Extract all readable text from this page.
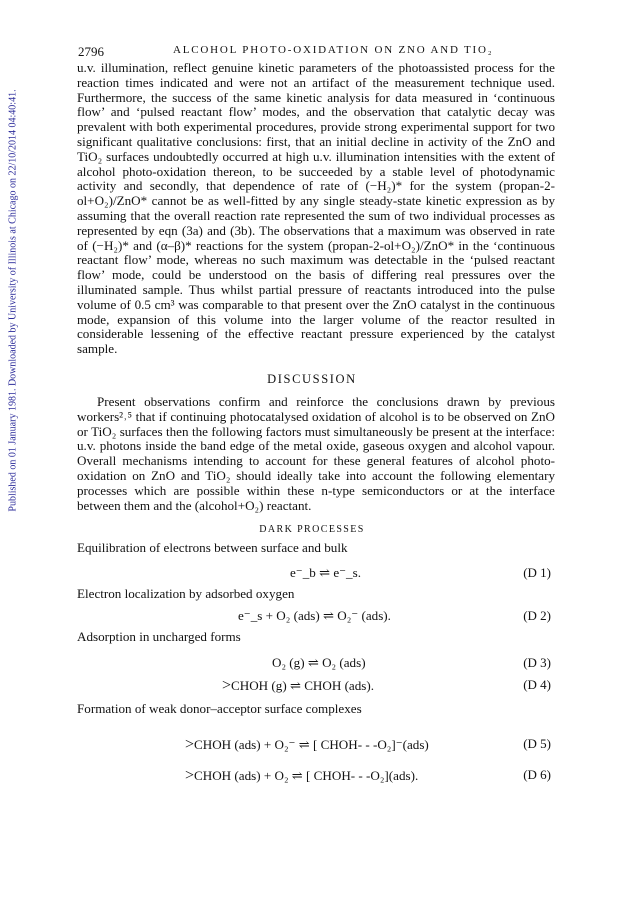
Published on 01 January 1981. Downloaded by University of Illinois at Chicago on 22/10/2014 04:40:41.
2796	ALCOHOL PHOTO-OXIDATION ON ZNO AND TIO₂

u.v. illumination, reflect genuine kinetic parameters of the photoassisted process for the reaction times indicated and were not an artifact of the measurement technique used. Furthermore, the success of the same kinetic analysis for data measured in ‘continuous flow’ and ‘pulsed reactant flow’ modes, and the observation that catalytic decay was prevalent with both experimental procedures, provide strong experimental support for two significant qualitative conclusions: first, that an initial decline in activity of the ZnO and TiO₂ surfaces undoubtedly occurred at high u.v. illumination intensities with the extent of alcohol photo-oxidation thereon, to be succeeded by a stable level of photodynamic activity and secondly, that dependence of rate of (−H₂)* for the system (propan-2-ol+O₂)/ZnO* cannot be as well-fitted by any single steady-state kinetic expression as by assuming that the overall reaction rate represented the sum of two individual processes as represented by eqn (3a) and (3b). The observations that a maximum was observed in rate of (−H₂)* and (α–β)* reactions for the system (propan-2-ol+O₂)/ZnO* in the ‘continuous reactant flow’ mode, whereas no such maximum was detectable in the ‘pulsed reactant flow’ mode, could be understood on the basis of differing real pressures over the illuminated sample. Thus whilst partial pressure of reactants introduced into the pulse volume of 0.5 cm³ was comparable to that present over the ZnO catalyst in the continuous mode, expansion of this volume into the larger volume of the reactor resulted in considerable lessening of the effective reactant pressure experienced by the catalyst sample.

DISCUSSION

Present observations confirm and reinforce the conclusions drawn by previous workers²˒⁵ that if continuing photocatalysed oxidation of alcohol is to be observed on ZnO or TiO₂ surfaces then the following factors must simultaneously be present at the interface: u.v. photons inside the band edge of the metal oxide, gaseous oxygen and alcohol vapour. Overall mechanisms intending to account for these general features of alcohol photo-oxidation on ZnO and TiO₂ should ideally take into account the following elementary processes which are possible within these n-type semiconductors or at the interface between them and the (alcohol+O₂) reactant.

DARK PROCESSES
Equilibration of electrons between surface and bulk
e⁻_b ⇌ e⁻_s.	(D 1)
Electron localization by adsorbed oxygen
e⁻_s + O₂ (ads) ⇌ O₂⁻ (ads).	(D 2)
Adsorption in uncharged forms
O₂ (g) ⇌ O₂ (ads)	(D 3)
>CHOH (g) ⇌ CHOH (ads).	(D 4)
Formation of weak donor–acceptor surface complexes
>CHOH (ads) + O₂⁻ ⇌ [ CHOH- - -O₂]⁻(ads)	(D 5)
>CHOH (ads) + O₂ ⇌ [ CHOH- - -O₂](ads).	(D 6)
